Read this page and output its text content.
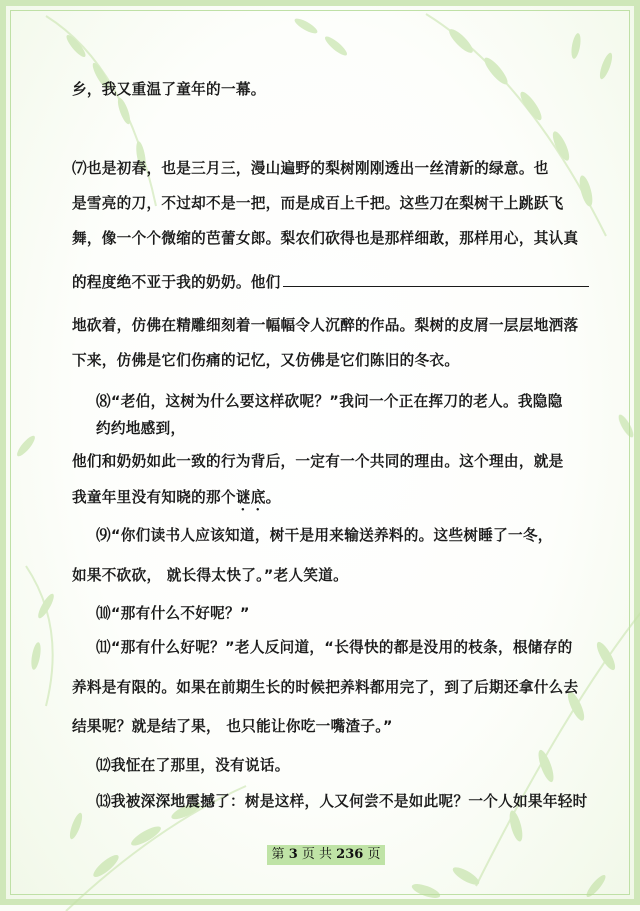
乡，我又重温了童年的一幕。
⑺也是初春，也是三月三，漫山遍野的梨树刚刚透出一丝清新的绿意。也
是雪亮的刀，不过却不是一把，而是成百上千把。这些刀在梨树干上跳跃飞
舞，像一个个微缩的芭蕾女郎。梨农们砍得也是那样细敢，那样用心，其认真
的程度绝不亚于我的奶奶。他们
地砍着，仿佛在精雕细刻着一幅幅令人沉醉的作品。梨树的皮屑一层层地洒落
下来，仿佛是它们伤痛的记忆，又仿佛是它们陈旧的冬衣。
⑻“老伯，这树为什么要这样砍呢？”我问一个正在挥刀的老人。我隐隐
约约地感到，
他们和奶奶如此一致的行为背后，一定有一个共同的理由。这个理由，就是
我童年里没有知晓的那个谜底。
⑼“你们读书人应该知道，树干是用来输送养料的。这些树睡了一冬，
如果不砍砍， 就长得太快了。”老人笑道。
⑽“那有什么不好呢？”
⑾“那有什么好呢？”老人反问道，“长得快的都是没用的枝条，根储存的
养料是有限的。如果在前期生长的时候把养料都用完了，到了后期还拿什么去
结果呢？就是结了果， 也只能让你吃一嘴渣子。”
⑿我怔在了那里，没有说话。
⒀我被深深地震撼了：树是这样，人又何尝不是如此呢？一个人如果年轻时
第 3 页 共 236 页
